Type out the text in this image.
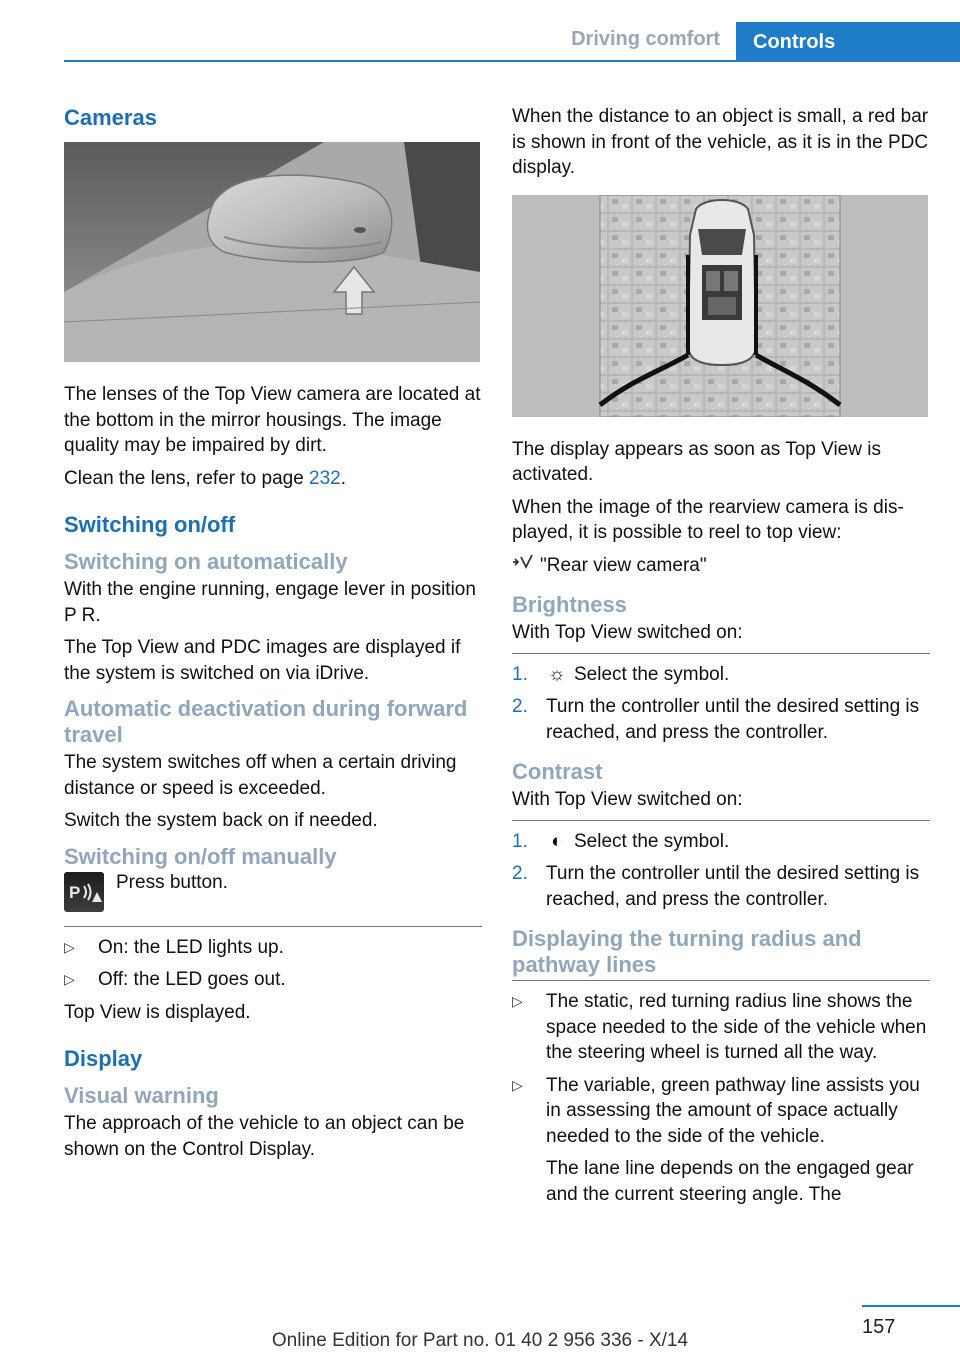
Driving comfort	Controls
Cameras

The lenses of the Top View camera are located at the bottom in the mirror housings. The image quality may be impaired by dirt.

Clean the lens, refer to page 232.

Switching on/off
Switching on automatically

With the engine running, engage lever in position P R.

The Top View and PDC images are displayed if the system is switched on via iDrive.

Automatic deactivation during forward travel

The system switches off when a certain driving distance or speed is exceeded.

Switch the system back on if needed.

Switching on/off manually
P Press button.
▷ On: the LED lights up.
▷ Off: the LED goes out.

Top View is displayed.

Display
Visual warning

The approach of the vehicle to an object can be shown on the Control Display.

When the distance to an object is small, a red bar is shown in front of the vehicle, as it is in the PDC display.

The display appears as soon as Top View is activated.

When the image of the rearview camera is displayed, it is possible to reel to top view:

"Rear view camera"
Brightness

With Top View switched on:

1. ☼ Select the symbol.
2. Turn the controller until the desired setting is reached, and press the controller.
Contrast

With Top View switched on:

1. ◐ Select the symbol.
2. Turn the controller until the desired setting is reached, and press the controller.
Displaying the turning radius and pathway lines
▷ The static, red turning radius line shows the space needed to the side of the vehicle when the steering wheel is turned all the way.
▷ The variable, green pathway line assists you in assessing the amount of space actually needed to the side of the vehicle.

The lane line depends on the engaged gear and the current steering angle. The

157
Online Edition for Part no. 01 40 2 956 336 - X/14
